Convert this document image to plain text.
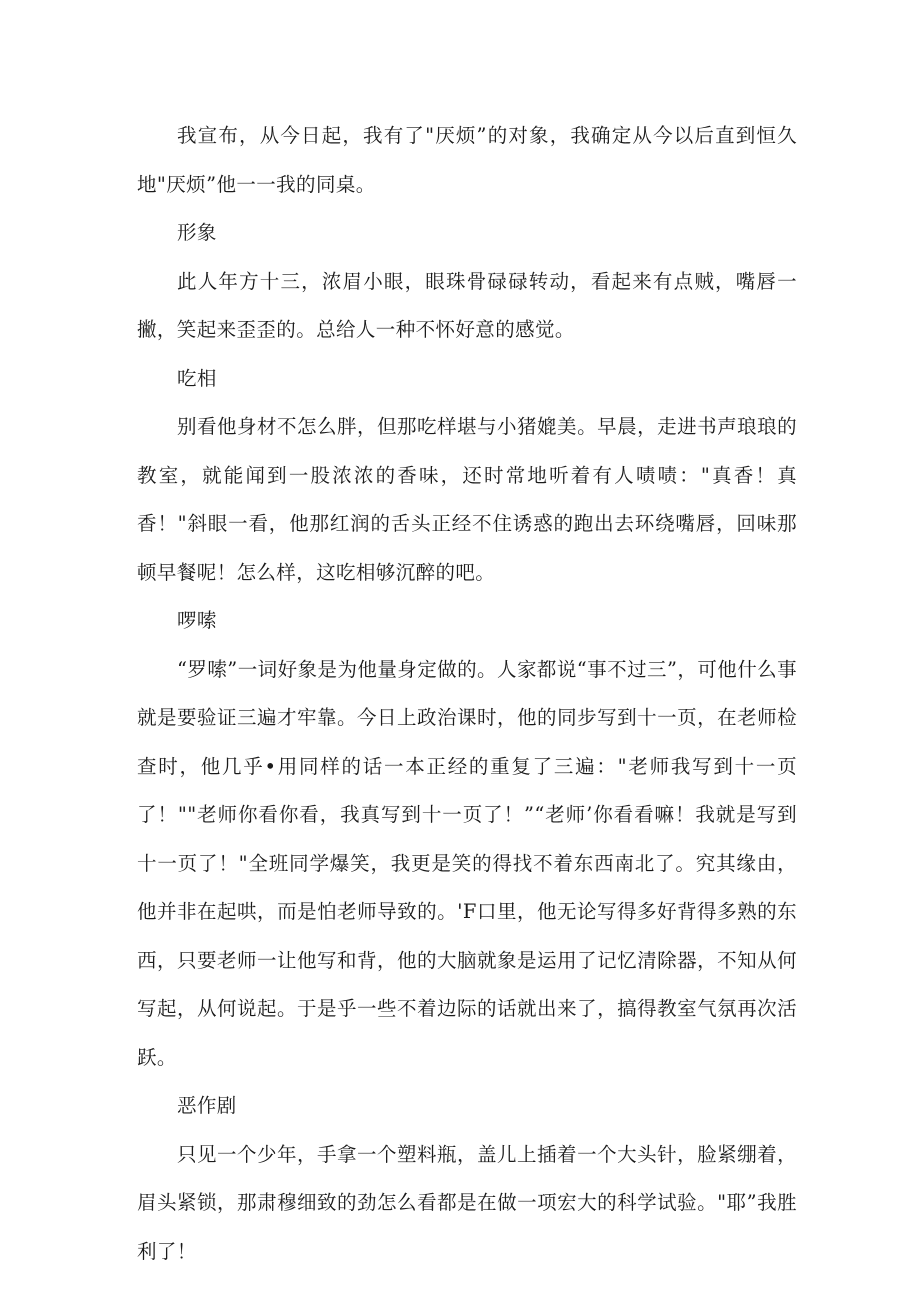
我宣布，从今日起，我有了"厌烦”的对象，我确定从今以后直到恒久地"厌烦”他一一我的同桌。

形象

此人年方十三，浓眉小眼，眼珠骨碌碌转动，看起来有点贼，嘴唇一撇，笑起来歪歪的。总给人一种不怀好意的感觉。

吃相

别看他身材不怎么胖，但那吃样堪与小猪媲美。早晨，走进书声琅琅的教室，就能闻到一股浓浓的香味，还时常地听着有人啧啧："真香！真香！"斜眼一看，他那红润的舌头正经不住诱惑的跑出去环绕嘴唇，回味那顿早餐呢！怎么样，这吃相够沉醉的吧。

啰嗦

“罗嗦”一词好象是为他量身定做的。人家都说“事不过三”，可他什么事就是要验证三遍才牢靠。今日上政治课时，他的同步写到十一页，在老师检查时，他几乎•用同样的话一本正经的重复了三遍："老师我写到十一页了！""老师你看你看，我真写到十一页了！”“老师’你看看嘛！我就是写到十一页了！"全班同学爆笑，我更是笑的得找不着东西南北了。究其缘由，他并非在起哄，而是怕老师导致的。'F口里，他无论写得多好背得多熟的东西，只要老师一让他写和背，他的大脑就象是运用了记忆清除器，不知从何写起，从何说起。于是乎一些不着边际的话就出来了，搞得教室气氛再次活跃。

恶作剧

只见一个少年，手拿一个塑料瓶，盖儿上插着一个大头针，脸紧绷着，眉头紧锁，那肃穆细致的劲怎么看都是在做一项宏大的科学试验。"耶”我胜利了！
